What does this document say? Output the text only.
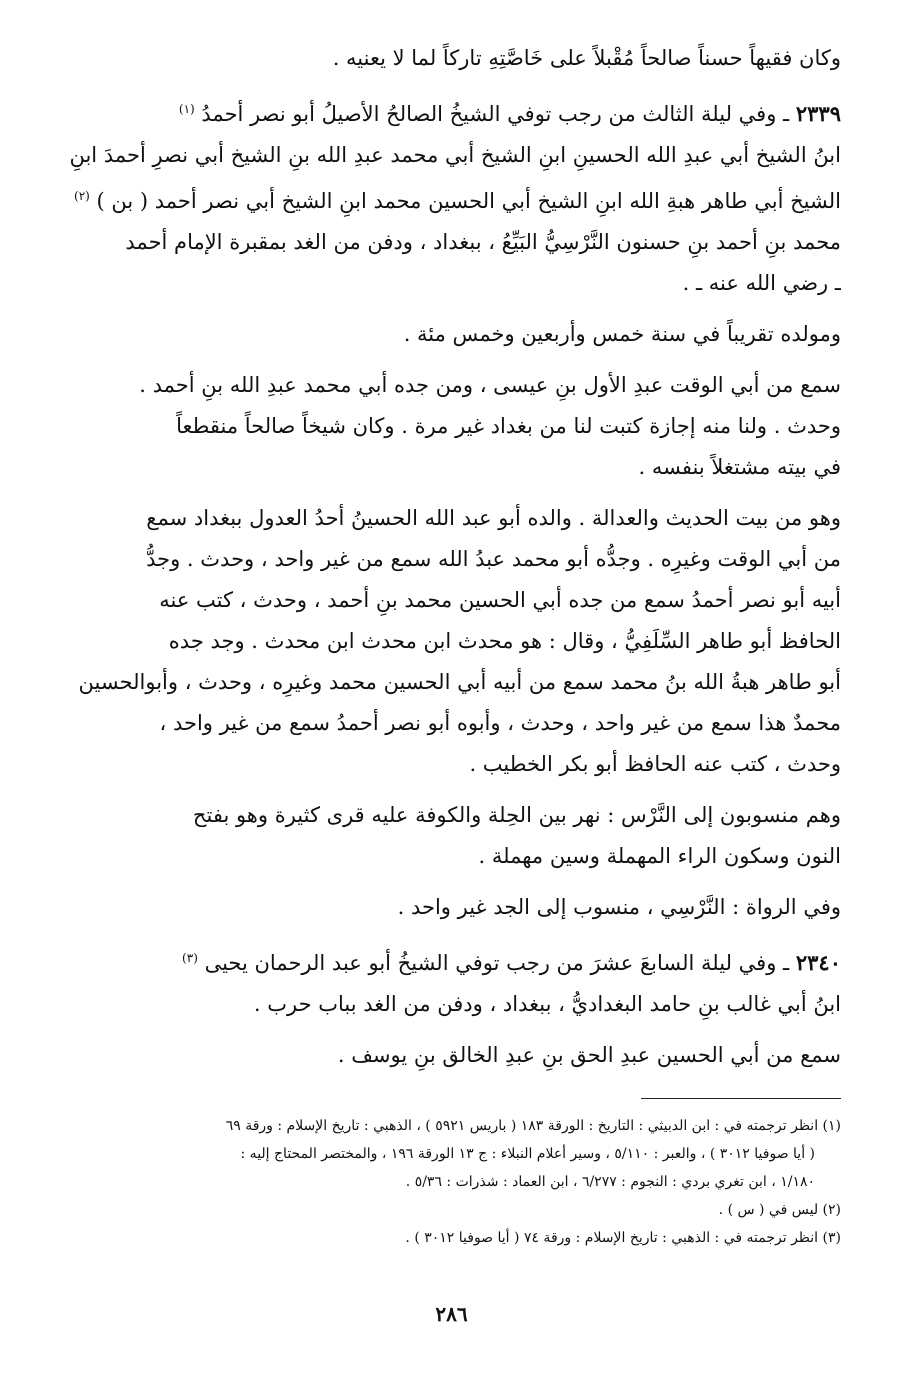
وكان فقيهاً حسناً صالحاً مُقْبلاً على خَاصَّتِهِ تاركاً لما لا يعنيه .
٢٣٣٩ ـ وفي ليلة الثالث من رجب توفي الشيخُ الصالحُ الأصيلُ أبو نصر أحمدُ $^{(١)}$
ابنُ الشيخ أبي عبدِ الله الحسينِ ابنِ الشيخ أبي محمد عبدِ الله بنِ الشيخ أبي نصرِ أحمدَ ابنِ
الشيخ أبي طاهر هبةِ الله ابنِ الشيخ أبي الحسين محمد ابنِ الشيخ أبي نصر أحمد ( بن ) $^{(٢)}$
محمد بنِ أحمد بنِ حسنون النَّرْسِيُّ البَيِّعُ ، ببغداد ، ودفن من الغد بمقبرة الإمام أحمد
ـ رضي الله عنه ـ .
ومولده تقريباً في سنة خمس وأربعين وخمس مئة .
سمع من أبي الوقت عبدِ الأول بنِ عيسى ، ومن جده أبي محمد عبدِ الله بنِ أحمد .
وحدث . ولنا منه إجازة كتبت لنا من بغداد غير مرة . وكان شيخاً صالحاً منقطعاً
في بيته مشتغلاً بنفسه .
وهو من بيت الحديث والعدالة . والده أبو عبد الله الحسينُ أحدُ العدول ببغداد سمع
من أبي الوقت وغيرِه . وجدُّه أبو محمد عبدُ الله سمع من غير واحد ، وحدث . وجدُّ
أبيه أبو نصر أحمدُ سمع من جده أبي الحسين محمد بنِ أحمد ، وحدث ، كتب عنه
الحافظ أبو طاهر السِّلَفِيُّ ، وقال : هو محدث ابن محدث ابن محدث . وجد جده
أبو طاهر هبةُ الله بنُ محمد سمع من أبيه أبي الحسين محمد وغيرِه ، وحدث ، وأبوالحسين
محمدٌ هذا سمع من غير واحد ، وحدث ، وأبوه أبو نصر أحمدُ سمع من غير واحد ،
وحدث ، كتب عنه الحافظ أبو بكر الخطيب .
وهم منسوبون إلى النَّرْس : نهر بين الحِلة والكوفة عليه قرى كثيرة وهو بفتح
النون وسكون الراء المهملة وسين مهملة .
وفي الرواة : النَّرْسِي ، منسوب إلى الجد غير واحد .
٢٣٤٠ ـ وفي ليلة السابعَ عشرَ من رجب توفي الشيخُ أبو عبد الرحمان يحيى $^{(٣)}$
ابنُ أبي غالب بنِ حامد البغداديُّ ، ببغداد ، ودفن من الغد بباب حرب .
سمع من أبي الحسين عبدِ الحق بنِ عبدِ الخالق بنِ يوسف .
(١) انظر ترجمته في : ابن الدبيثي : التاريخ : الورقة ١٨٣ ( باريس ٥٩٢١ ) ، الذهبي : تاريخ الإسلام : ورقة ٦٩
( أيا صوفيا ٣٠١٢ ) ، والعبر : ٥/١١٠ ، وسير أعلام النبلاء : ج ١٣ الورقة ١٩٦ ، والمختصر المحتاج إليه :
١/١٨٠ ، ابن تغري بردي : النجوم : ٦/٢٧٧ ، ابن العماد : شذرات : ٥/٣٦ .
(٢) ليس في ( س ) .
(٣) انظر ترجمته في : الذهبي : تاريخ الإسلام : ورقة ٧٤ ( أيا صوفيا ٣٠١٢ ) .
٢٨٦
